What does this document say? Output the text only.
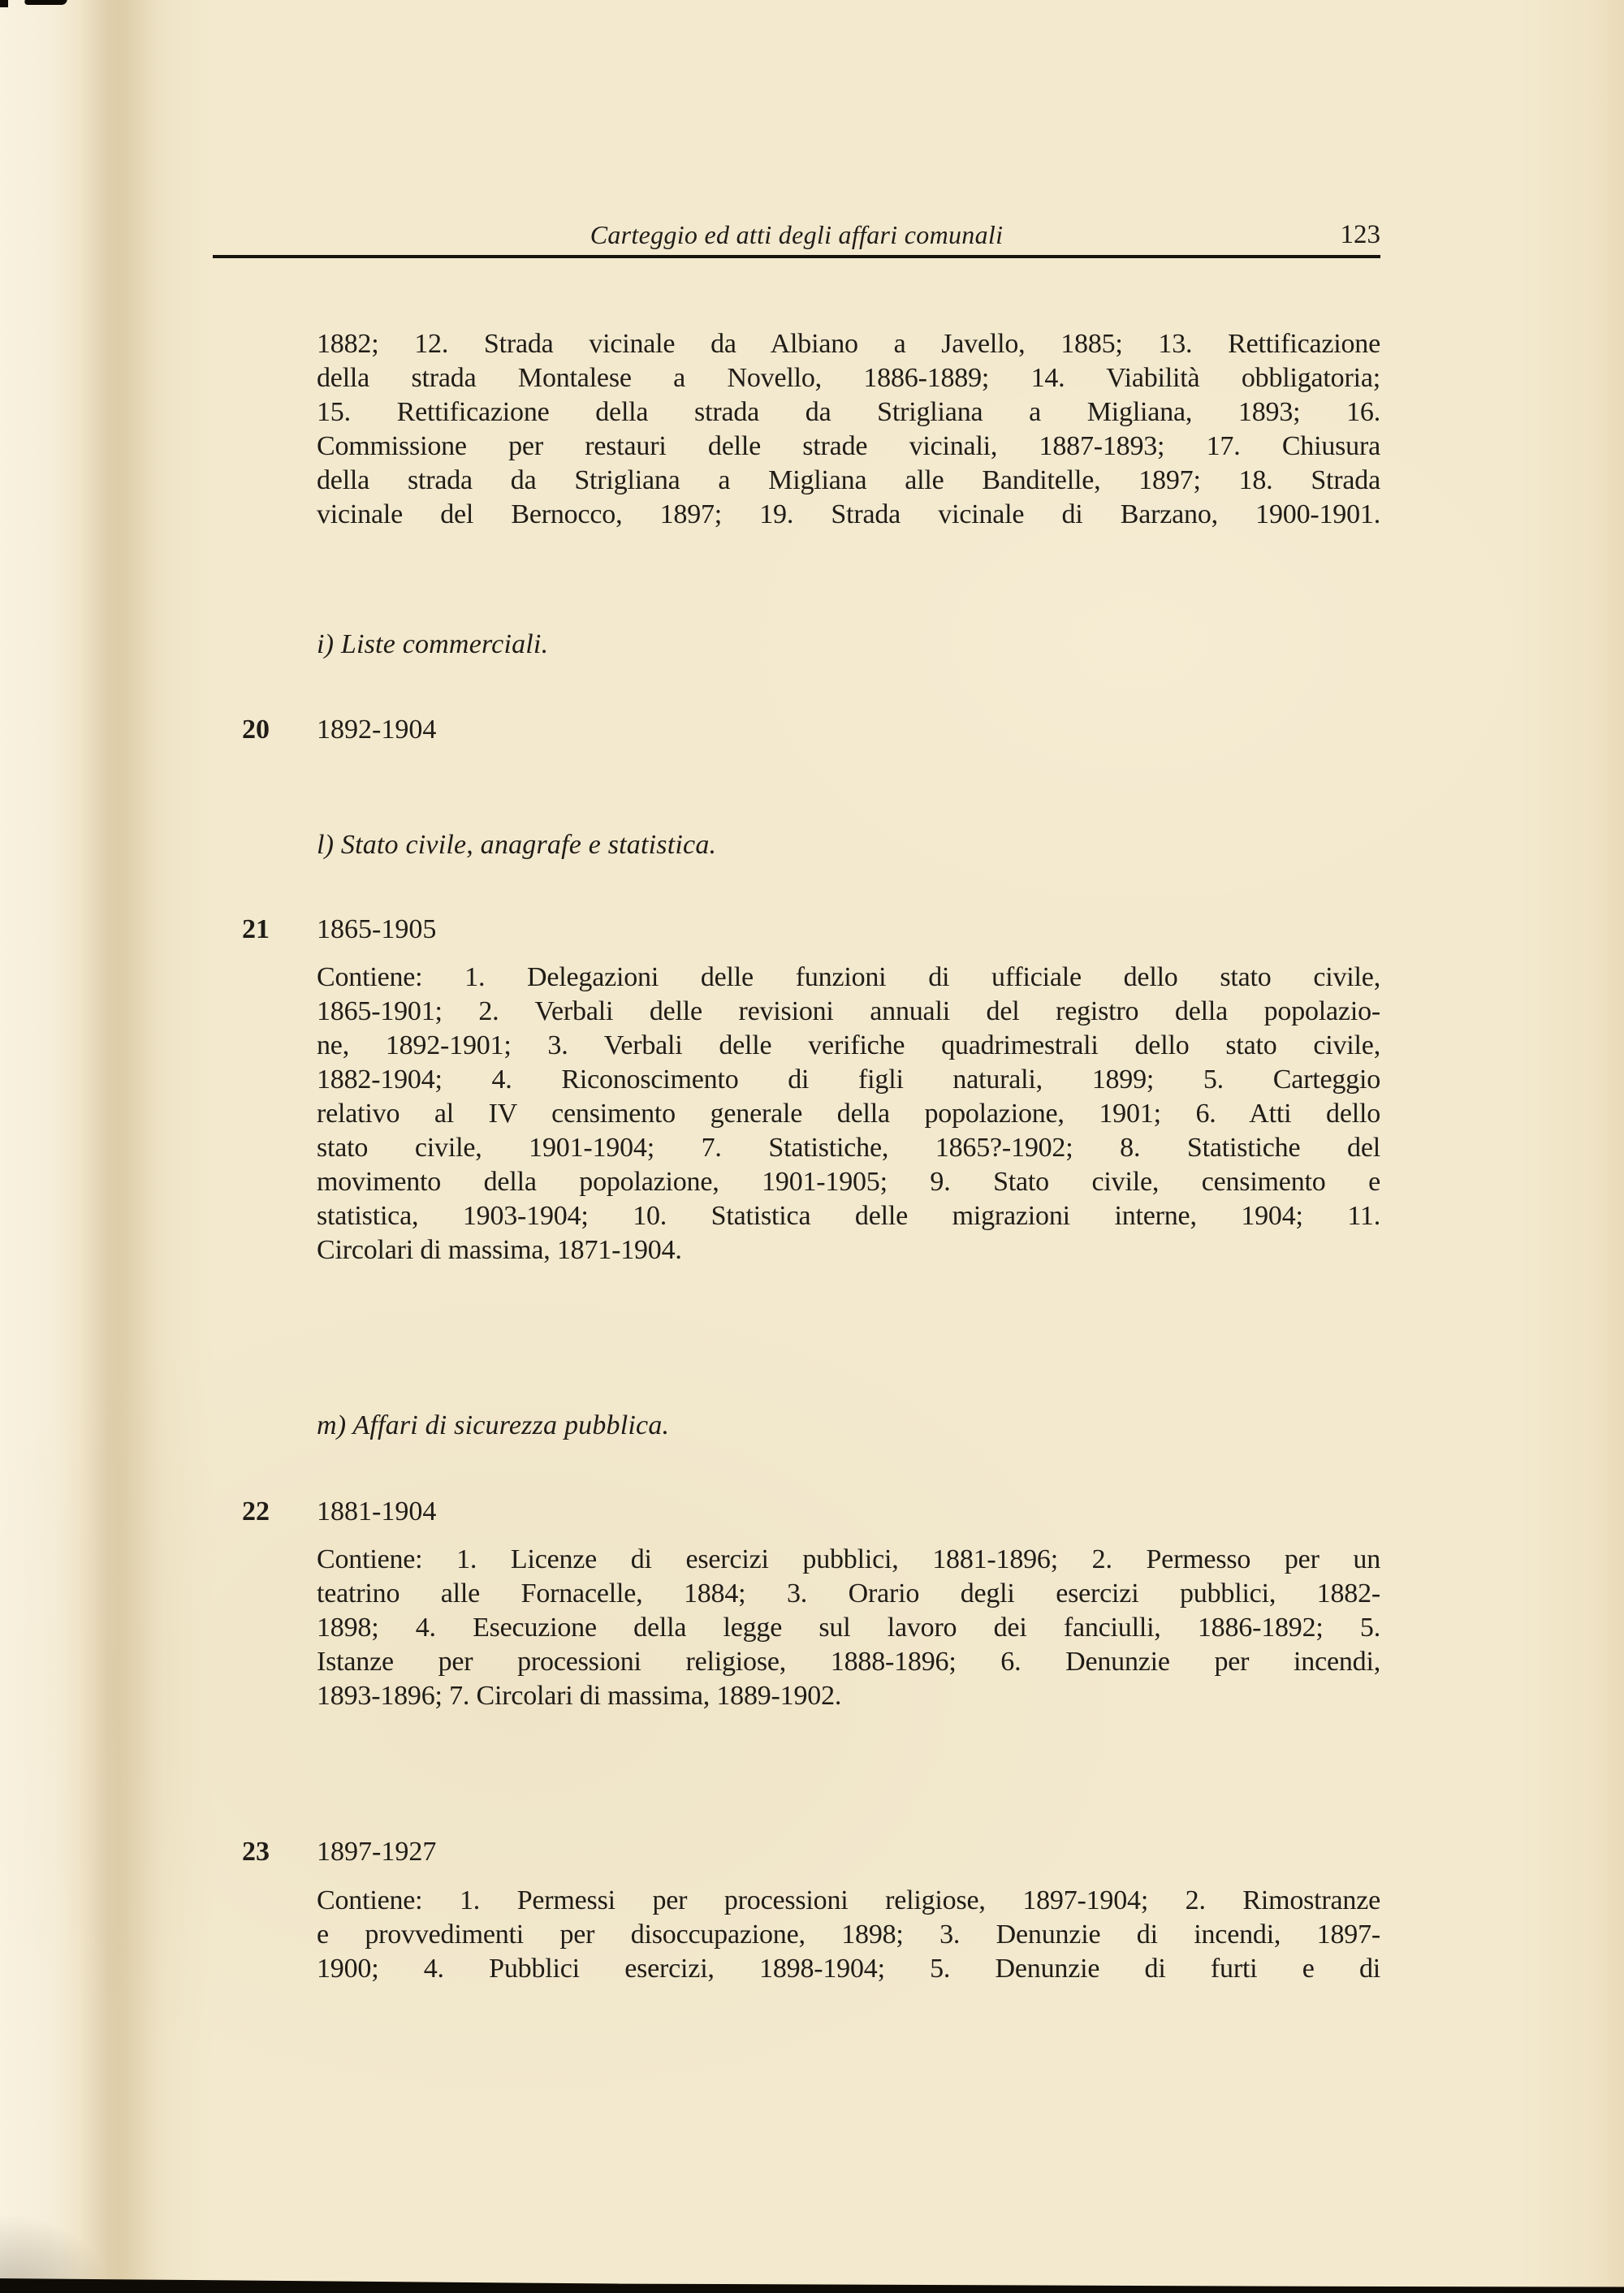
Carteggio ed atti degli affari comunali	123
1882; 12. Strada vicinale da Albiano a Javello, 1885; 13. Rettificazione
della strada Montalese a Novello, 1886-1889; 14. Viabilità obbligatoria;
15. Rettificazione della strada da Strigliana a Migliana, 1893; 16.
Commissione per restauri delle strade vicinali, 1887-1893; 17. Chiusura
della strada da Strigliana a Migliana alle Banditelle, 1897; 18. Strada
vicinale del Bernocco, 1897; 19. Strada vicinale di Barzano, 1900-1901.
i) Liste commerciali.
20	1892-1904
l) Stato civile, anagrafe e statistica.
21	1865-1905
Contiene: 1. Delegazioni delle funzioni di ufficiale dello stato civile,
1865-1901; 2. Verbali delle revisioni annuali del registro della popolazio-
ne, 1892-1901; 3. Verbali delle verifiche quadrimestrali dello stato civile,
1882-1904; 4. Riconoscimento di figli naturali, 1899; 5. Carteggio
relativo al IV censimento generale della popolazione, 1901; 6. Atti dello
stato civile, 1901-1904; 7. Statistiche, 1865?-1902; 8. Statistiche del
movimento della popolazione, 1901-1905; 9. Stato civile, censimento e
statistica, 1903-1904; 10. Statistica delle migrazioni interne, 1904; 11.
Circolari di massima, 1871-1904.
m) Affari di sicurezza pubblica.
22	1881-1904
Contiene: 1. Licenze di esercizi pubblici, 1881-1896; 2. Permesso per un
teatrino alle Fornacelle, 1884; 3. Orario degli esercizi pubblici, 1882-
1898; 4. Esecuzione della legge sul lavoro dei fanciulli, 1886-1892; 5.
Istanze per processioni religiose, 1888-1896; 6. Denunzie per incendi,
1893-1896; 7. Circolari di massima, 1889-1902.
23	1897-1927
Contiene: 1. Permessi per processioni religiose, 1897-1904; 2. Rimostranze
e provvedimenti per disoccupazione, 1898; 3. Denunzie di incendi, 1897-
1900; 4. Pubblici esercizi, 1898-1904; 5. Denunzie di furti e di
